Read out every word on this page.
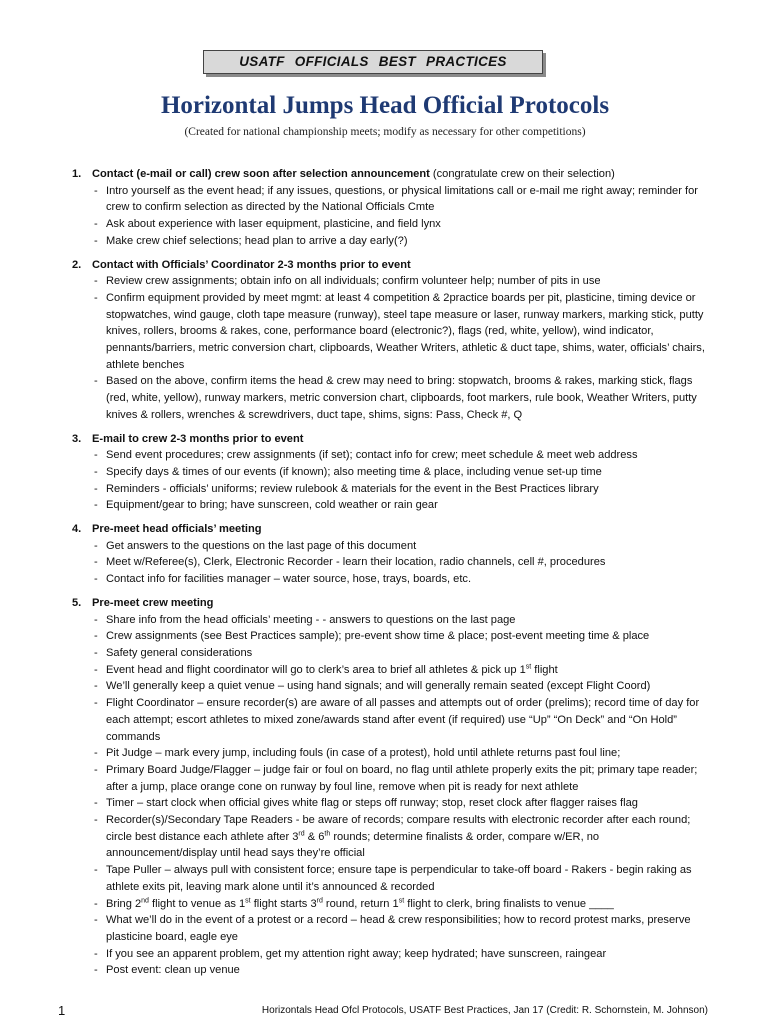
USATF OFFICIALS BEST PRACTICES
Horizontal Jumps Head Official Protocols
(Created for national championship meets; modify as necessary for other competitions)
1. Contact (e-mail or call) crew soon after selection announcement (congratulate crew on their selection)
- Intro yourself as the event head; if any issues, questions, or physical limitations call or e-mail me right away; reminder for crew to confirm selection as directed by the National Officials Cmte
- Ask about experience with laser equipment, plasticine, and field lynx
- Make crew chief selections; head plan to arrive a day early(?)
2. Contact with Officials’ Coordinator 2-3 months prior to event
- Review crew assignments; obtain info on all individuals; confirm volunteer help; number of pits in use
- Confirm equipment provided by meet mgmt: at least 4 competition & 2practice boards per pit, plasticine, timing device or stopwatches, wind gauge, cloth tape measure (runway), steel tape measure or laser, runway markers, marking stick, putty knives, rollers, brooms & rakes, cone, performance board (electronic?), flags (red, white, yellow), wind indicator, pennants/barriers, metric conversion chart, clipboards, Weather Writers, athletic & duct tape, shims, water, officials’ chairs, athlete benches
- Based on the above, confirm items the head & crew may need to bring: stopwatch, brooms & rakes, marking stick, flags (red, white, yellow), runway markers, metric conversion chart, clipboards, foot markers, rule book, Weather Writers, putty knives & rollers, wrenches & screwdrivers, duct tape, shims, signs: Pass, Check #, Q
3. E-mail to crew 2-3 months prior to event
- Send event procedures; crew assignments (if set); contact info for crew; meet schedule & meet web address
- Specify days & times of our events (if known); also meeting time & place, including venue set-up time
- Reminders - officials’ uniforms; review rulebook & materials for the event in the Best Practices library
- Equipment/gear to bring; have sunscreen, cold weather or rain gear
4. Pre-meet head officials’ meeting
- Get answers to the questions on the last page of this document
- Meet w/Referee(s), Clerk, Electronic Recorder - learn their location, radio channels, cell #, procedures
- Contact info for facilities manager – water source, hose, trays, boards, etc.
5. Pre-meet crew meeting
- Share info from the head officials’ meeting - - answers to questions on the last page
- Crew assignments (see Best Practices sample); pre-event show time & place; post-event meeting time & place
- Safety general considerations
- Event head and flight coordinator will go to clerk’s area to brief all athletes & pick up 1st flight
- We’ll generally keep a quiet venue – using hand signals; and will generally remain seated (except Flight Coord)
- Flight Coordinator – ensure recorder(s) are aware of all passes and attempts out of order (prelims); record time of day for each attempt; escort athletes to mixed zone/awards stand after event (if required) use “Up” “On Deck” and “On Hold” commands
- Pit Judge – mark every jump, including fouls (in case of a protest), hold until athlete returns past foul line;
- Primary Board Judge/Flagger – judge fair or foul on board, no flag until athlete properly exits the pit; primary tape reader; after a jump, place orange cone on runway by foul line, remove when pit is ready for next athlete
- Timer – start clock when official gives white flag or steps off runway; stop, reset clock after flagger raises flag
- Recorder(s)/Secondary Tape Readers - be aware of records; compare results with electronic recorder after each round; circle best distance each athlete after 3rd & 6th rounds; determine finalists & order, compare w/ER, no announcement/display until head says they’re official
- Tape Puller – always pull with consistent force; ensure tape is perpendicular to take-off board - Rakers - begin raking as athlete exits pit, leaving mark alone until it’s announced & recorded
- Bring 2nd flight to venue as 1st flight starts 3rd round, return 1st flight to clerk, bring finalists to venue ____
- What we’ll do in the event of a protest or a record – head & crew responsibilities; how to record protest marks, preserve plasticine board, eagle eye
- If you see an apparent problem, get my attention right away; keep hydrated; have sunscreen, raingear
- Post event: clean up venue
1	Horizontals Head Ofcl Protocols, USATF Best Practices, Jan 17 (Credit: R. Schornstein, M. Johnson)
